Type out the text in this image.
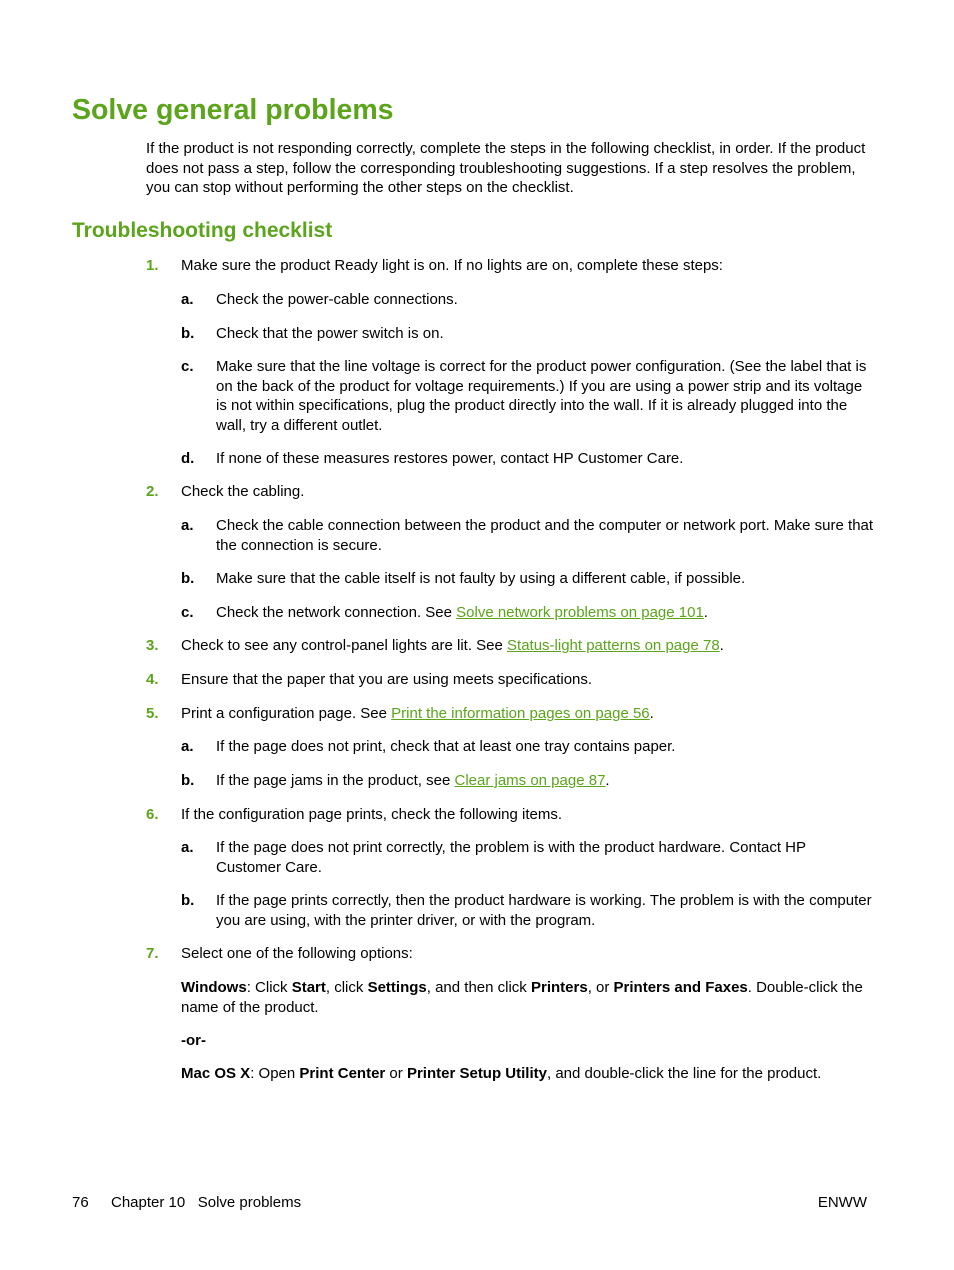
Solve general problems

If the product is not responding correctly, complete the steps in the following checklist, in order. If the product does not pass a step, follow the corresponding troubleshooting suggestions. If a step resolves the problem, you can stop without performing the other steps on the checklist.

Troubleshooting checklist
1. Make sure the product Ready light is on. If no lights are on, complete these steps:
a. Check the power-cable connections.
b. Check that the power switch is on.
c. Make sure that the line voltage is correct for the product power configuration. (See the label that is on the back of the product for voltage requirements.) If you are using a power strip and its voltage is not within specifications, plug the product directly into the wall. If it is already plugged into the wall, try a different outlet.
d. If none of these measures restores power, contact HP Customer Care.
2. Check the cabling.
a. Check the cable connection between the product and the computer or network port. Make sure that the connection is secure.
b. Make sure that the cable itself is not faulty by using a different cable, if possible.
c. Check the network connection. See Solve network problems on page 101.
3. Check to see any control-panel lights are lit. See Status-light patterns on page 78.
4. Ensure that the paper that you are using meets specifications.
5. Print a configuration page. See Print the information pages on page 56.
a. If the page does not print, check that at least one tray contains paper.
b. If the page jams in the product, see Clear jams on page 87.
6. If the configuration page prints, check the following items.
a. If the page does not print correctly, the problem is with the product hardware. Contact HP Customer Care.
b. If the page prints correctly, then the product hardware is working. The problem is with the computer you are using, with the printer driver, or with the program.
7. Select one of the following options:
Windows: Click Start, click Settings, and then click Printers, or Printers and Faxes. Double-click the name of the product.
-or-
Mac OS X: Open Print Center or Printer Setup Utility, and double-click the line for the product.
76 Chapter 10   Solve problems	ENWW
